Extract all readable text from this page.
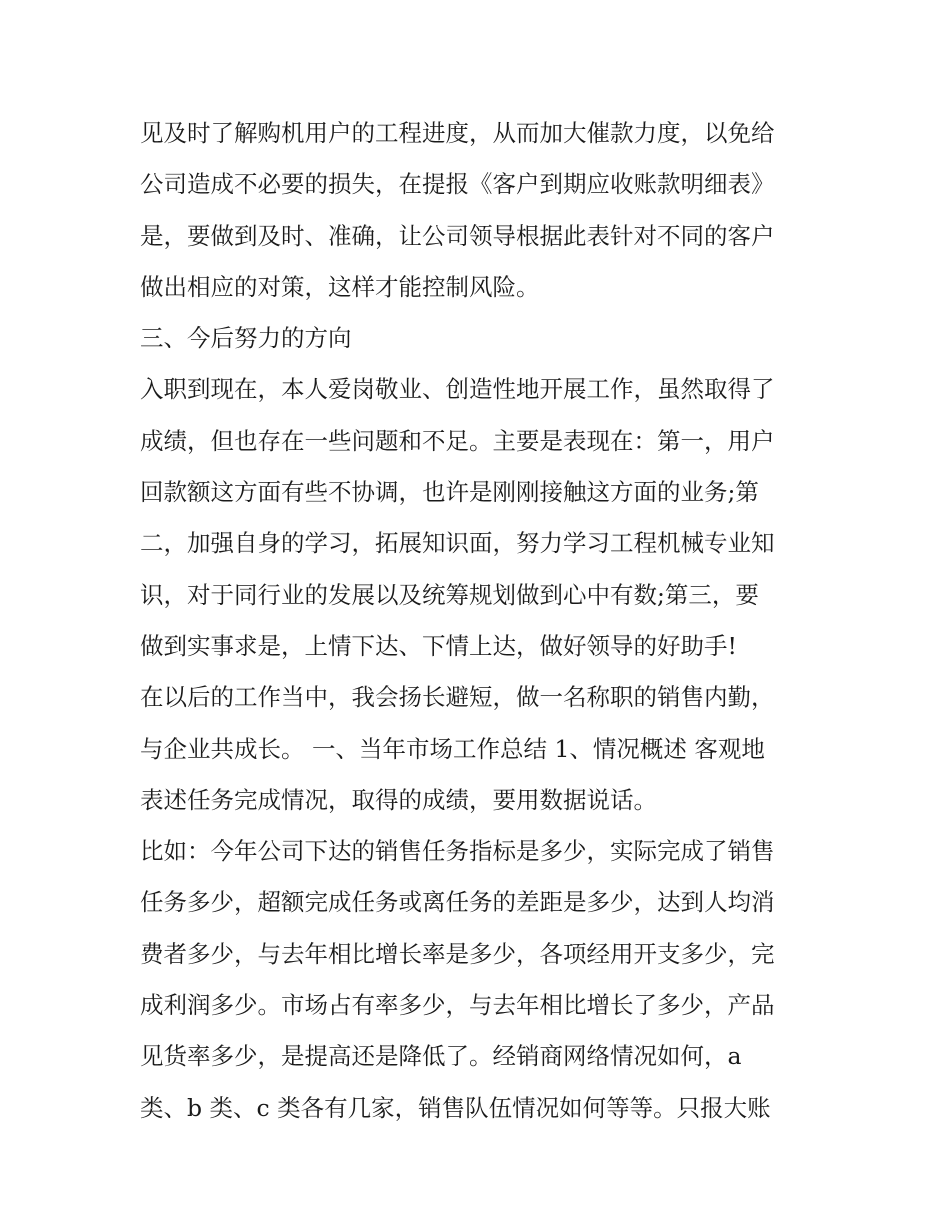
见及时了解购机用户的工程进度，从而加大催款力度，以免给
公司造成不必要的损失，在提报《客户到期应收账款明细表》
是，要做到及时、准确，让公司领导根据此表针对不同的客户
做出相应的对策，这样才能控制风险。
三、今后努力的方向
入职到现在，本人爱岗敬业、创造性地开展工作，虽然取得了
成绩，但也存在一些问题和不足。主要是表现在：第一，用户
回款额这方面有些不协调，也许是刚刚接触这方面的业务;第
二，加强自身的学习，拓展知识面，努力学习工程机械专业知
识，对于同行业的发展以及统筹规划做到心中有数;第三，要
做到实事求是，上情下达、下情上达，做好领导的好助手!
在以后的工作当中，我会扬长避短，做一名称职的销售内勤，
与企业共成长。 一、当年市场工作总结 1、情况概述 客观地
表述任务完成情况，取得的成绩，要用数据说话。
比如：今年公司下达的销售任务指标是多少，实际完成了销售
任务多少，超额完成任务或离任务的差距是多少，达到人均消
费者多少，与去年相比增长率是多少，各项经用开支多少，完
成利润多少。市场占有率多少，与去年相比增长了多少，产品
见货率多少，是提高还是降低了。经销商网络情况如何，a
类、b 类、c 类各有几家，销售队伍情况如何等等。只报大账
